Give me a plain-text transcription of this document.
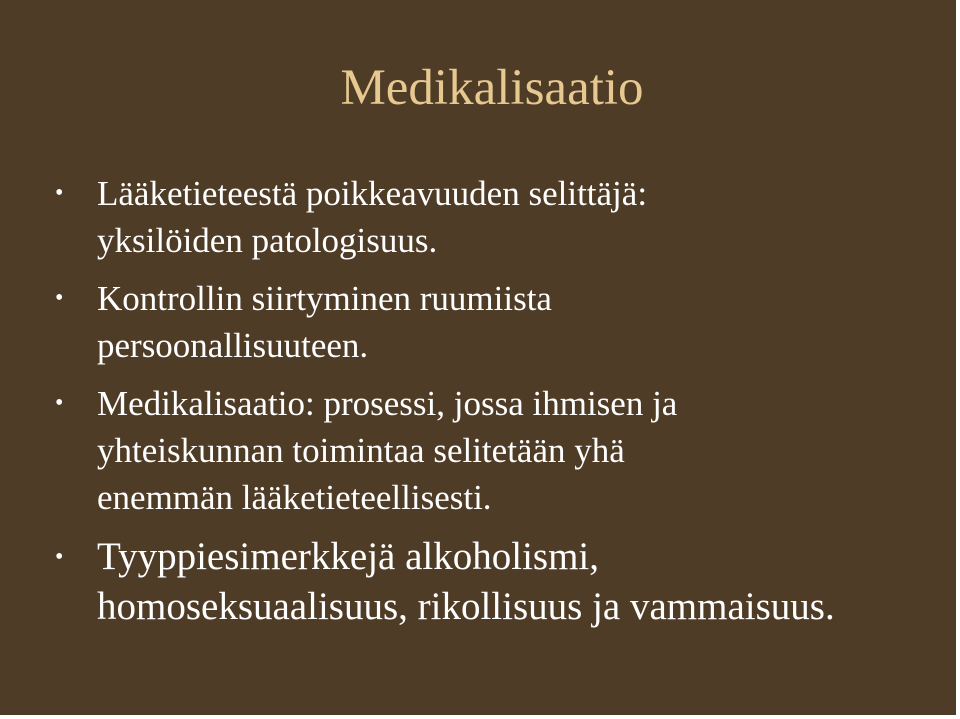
Medikalisaatio
• Lääketieteestä poikkeavuuden selittäjä:
yksilöiden patologisuus.
• Kontrollin siirtyminen ruumiista
persoonallisuuteen.
• Medikalisaatio: prosessi, jossa ihmisen ja
yhteiskunnan toimintaa selitetään yhä
enemmän lääketieteellisesti.
• Tyyppiesimerkkejä alkoholismi,
homoseksuaalisuus, rikollisuus ja vammaisuus.
